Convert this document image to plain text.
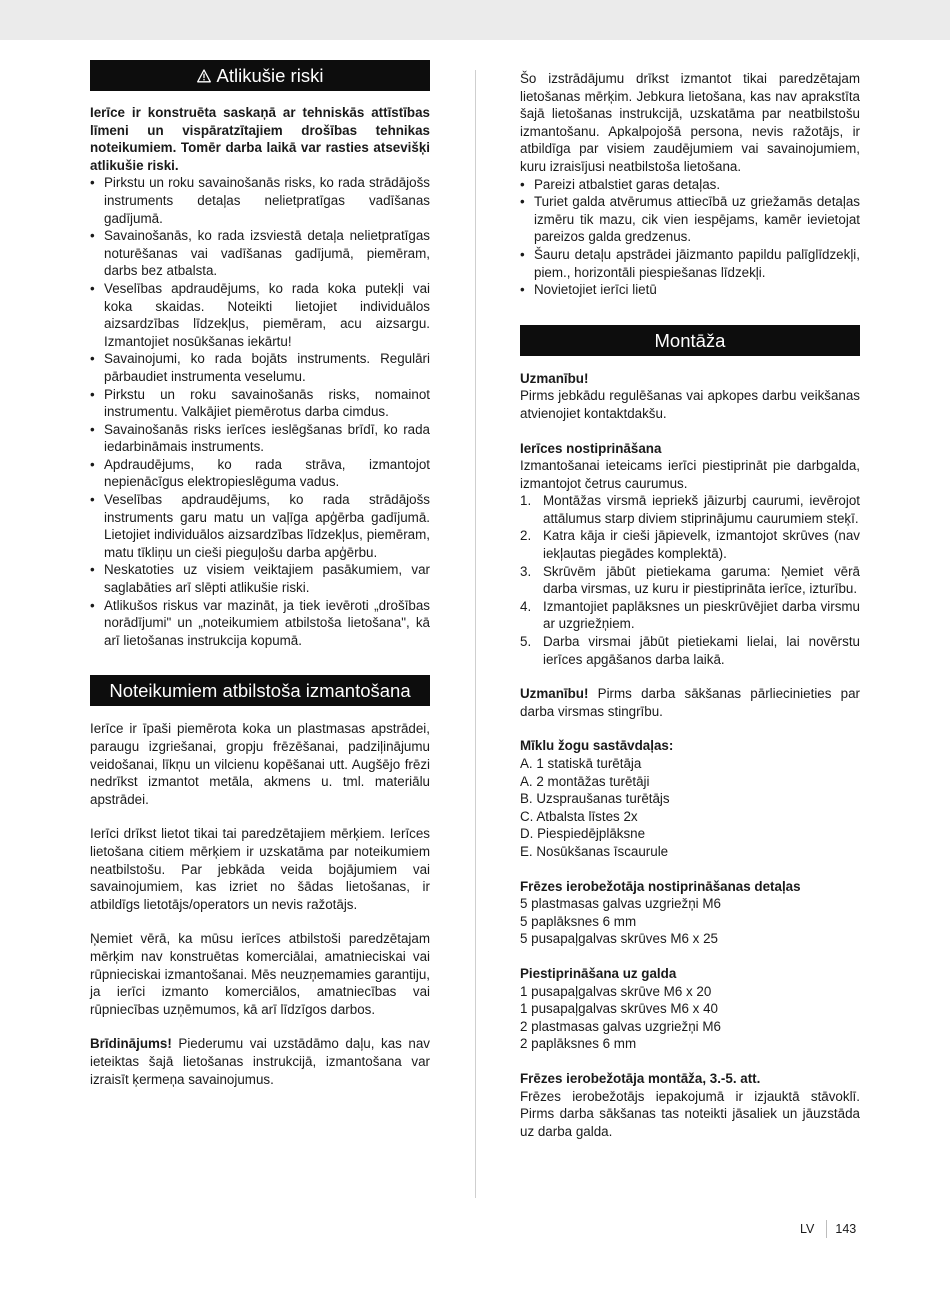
Atlikušie riski

Ierīce ir konstruēta saskaņā ar tehniskās attīstības līmeni un vispāratzītajiem drošības tehnikas noteikumiem. Tomēr darba laikā var rasties atsevišķi atlikušie riski.

• Pirkstu un roku savainošanās risks, ko rada strādājošs instruments detaļas nelietpratīgas vadīšanas gadījumā.
• Savainošanās, ko rada izsviestā detaļa nelietpratīgas noturēšanas vai vadīšanas gadījumā, piemēram, darbs bez atbalsta.
• Veselības apdraudējums, ko rada koka putekļi vai koka skaidas. Noteikti lietojiet individuālos aizsardzības līdzekļus, piemēram, acu aizsargu. Izmantojiet nosūkšanas iekārtu!
• Savainojumi, ko rada bojāts instruments. Regulāri pārbaudiet instrumenta veselumu.
• Pirkstu un roku savainošanās risks, nomainot instrumentu. Valkājiet piemērotus darba cimdus.
• Savainošanās risks ierīces ieslēgšanas brīdī, ko rada iedarbināmais instruments.
• Apdraudējums, ko rada strāva, izmantojot nepienācīgus elektropieslēguma vadus.
• Veselības apdraudējums, ko rada strādājošs instruments garu matu un vaļīga apģērba gadījumā. Lietojiet individuālos aizsardzības līdzekļus, piemēram, matu tīkliņu un cieši pieguļošu darba apģērbu.
• Neskatoties uz visiem veiktajiem pasākumiem, var saglabāties arī slēpti atlikušie riski.
• Atlikušos riskus var mazināt, ja tiek ievēroti „drošības norādījumi" un „noteikumiem atbilstoša lietošana", kā arī lietošanas instrukcija kopumā.
Noteikumiem atbilstoša izmantošana

Ierīce ir īpaši piemērota koka un plastmasas apstrādei, paraugu izgriešanai, gropju frēzēšanai, padziļinājumu veidošanai, līkņu un vilcienu kopēšanai utt. Augšējo frēzi nedrīkst izmantot metāla, akmens u. tml. materiālu apstrādei.

Ierīci drīkst lietot tikai tai paredzētajiem mērķiem. Ierīces lietošana citiem mērķiem ir uzskatāma par noteikumiem neatbilstošu. Par jebkāda veida bojājumiem vai savainojumiem, kas izriet no šādas lietošanas, ir atbildīgs lietotājs/operators un nevis ražotājs.

Ņemiet vērā, ka mūsu ierīces atbilstoši paredzētajam mērķim nav konstruētas komerciālai, amatnieciskai vai rūpnieciskai izmantošanai. Mēs neuzņemamies garantiju, ja ierīci izmanto komerciālos, amatniecības vai rūpniecības uzņēmumos, kā arī līdzīgos darbos.

Brīdinājums! Piederumu vai uzstādāmo daļu, kas nav ieteiktas šajā lietošanas instrukcijā, izmantošana var izraisīt ķermeņa savainojumus.

Šo izstrādājumu drīkst izmantot tikai paredzētajam lietošanas mērķim. Jebkura lietošana, kas nav aprakstīta šajā lietošanas instrukcijā, uzskatāma par neatbilstošu izmantošanu. Apkalpojošā persona, nevis ražotājs, ir atbildīga par visiem zaudējumiem vai savainojumiem, kuru izraisījusi neatbilstoša lietošana.

• Pareizi atbalstiet garas detaļas.
• Turiet galda atvērumus attiecībā uz griežamās detaļas izmēru tik mazu, cik vien iespējams, kamēr ievietojat pareizos galda gredzenus.
• Šauru detaļu apstrādei jāizmanto papildu palīglīdzekļi, piem., horizontāli piespiešanas līdzekļi.
• Novietojiet ierīci lietū
Montāža

Uzmanību!

Pirms jebkādu regulēšanas vai apkopes darbu veikšanas atvienojiet kontaktdakšu.

Ierīces nostiprināšana

Izmantošanai ieteicams ierīci piestiprināt pie darbgalda, izmantojot četrus caurumus.

1. Montāžas virsmā iepriekš jāizurbj caurumi, ievērojot attālumus starp diviem stiprinājumu caurumiem steķī.
2. Katra kāja ir cieši jāpievelk, izmantojot skrūves (nav iekļautas piegādes komplektā).
3. Skrūvēm jābūt pietiekama garuma: Ņemiet vērā darba virsmas, uz kuru ir piestiprināta ierīce, izturību.
4. Izmantojiet paplāksnes un pieskrūvējiet darba virsmu ar uzgriežņiem.
5. Darba virsmai jābūt pietiekami lielai, lai novērstu ierīces apgāšanos darba laikā.

Uzmanību! Pirms darba sākšanas pārliecinieties par darba virsmas stingrību.

Mīklu žogu sastāvdaļas:

A. 1 statiskā turētāja
A. 2 montāžas turētāji
B. Uzspraušanas turētājs
C. Atbalsta līstes 2x
D. Piespiedējplāksne
E. Nosūkšanas īscaurule

Frēzes ierobežotāja nostiprināšanas detaļas

5 plastmasas galvas uzgriežņi M6
5 paplāksnes 6 mm
5 pusapaļgalvas skrūves M6 x 25

Piestiprināšana uz galda

1 pusapaļgalvas skrūve M6 x 20
1 pusapaļgalvas skrūves M6 x 40
2 plastmasas galvas uzgriežņi M6
2 paplāksnes 6 mm

Frēzes ierobežotāja montāža, 3.-5. att.

Frēzes ierobežotājs iepakojumā ir izjauktā stāvoklī. Pirms darba sākšanas tas noteikti jāsaliek un jāuzstāda uz darba galda.

LV 143
